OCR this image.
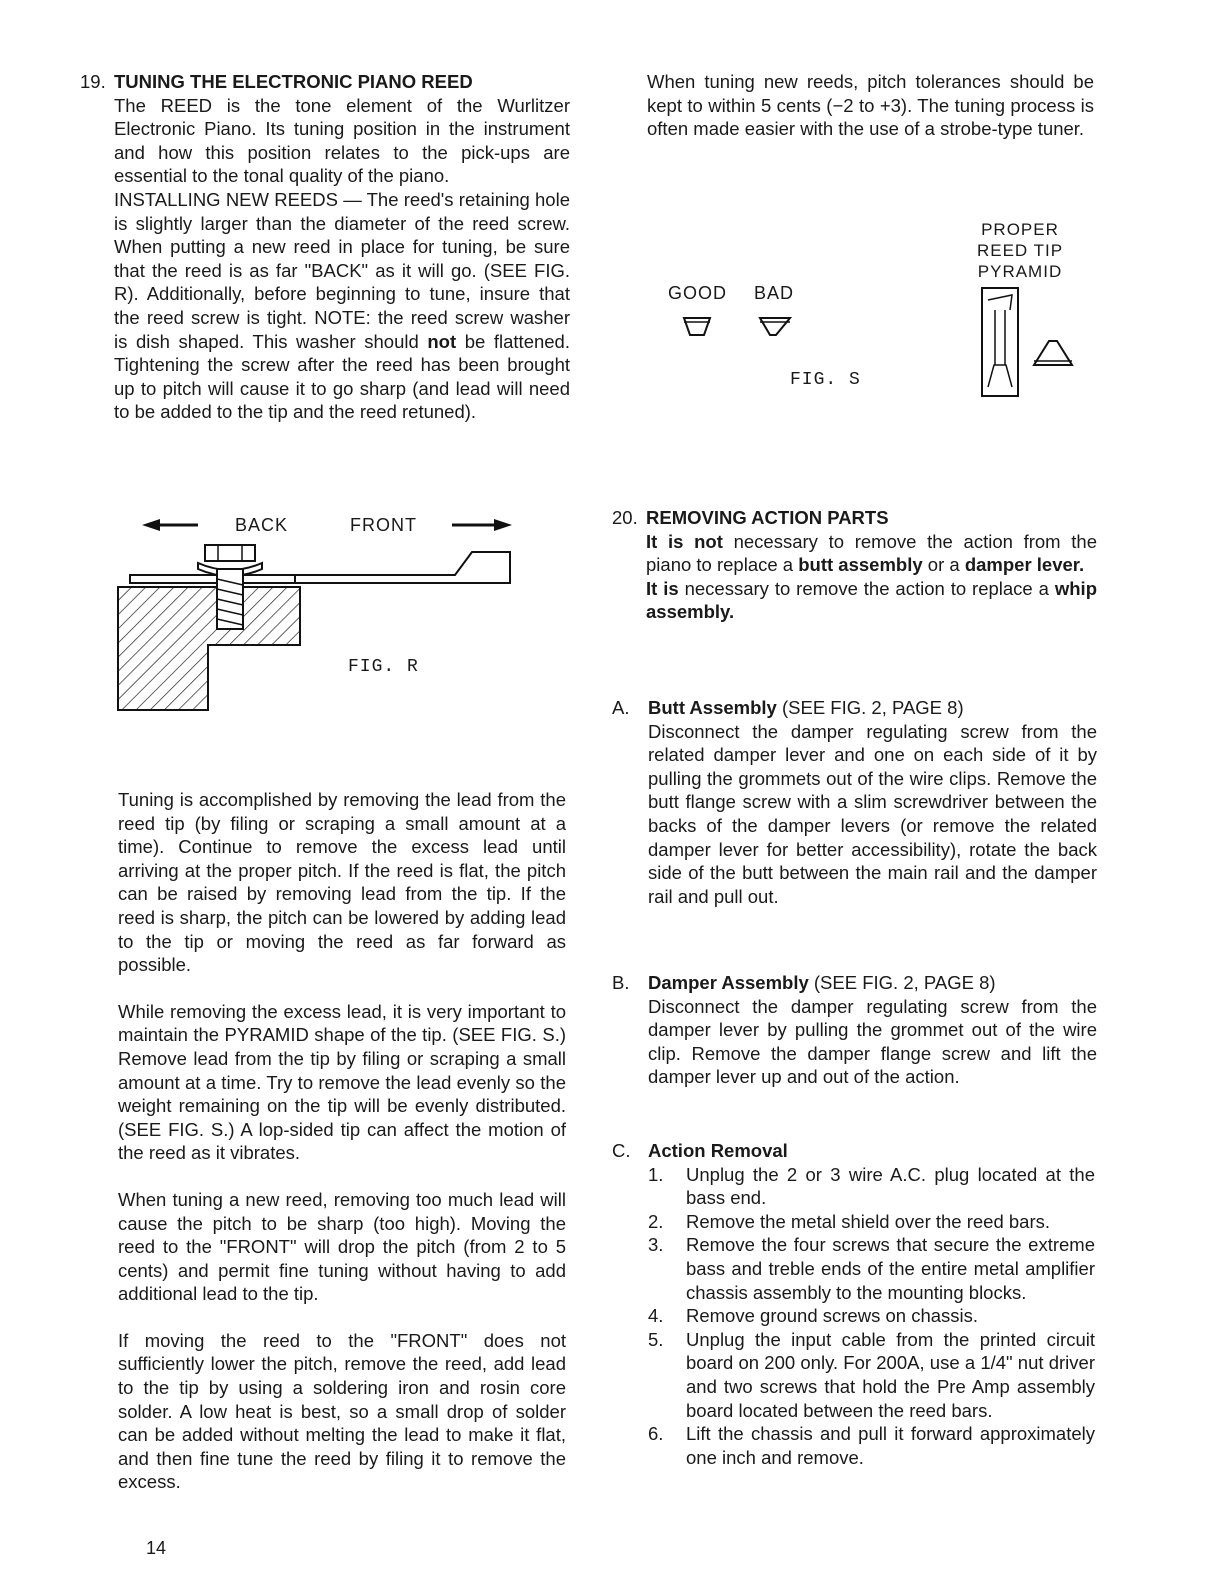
19. TUNING THE ELECTRONIC PIANO REED

The REED is the tone element of the Wurlitzer Electronic Piano. Its tuning position in the instrument and how this position relates to the pick-ups are essential to the tonal quality of the piano.

INSTALLING NEW REEDS — The reed's retaining hole is slightly larger than the diameter of the reed screw. When putting a new reed in place for tuning, be sure that the reed is as far "BACK" as it will go. (SEE FIG. R). Additionally, before beginning to tune, insure that the reed screw is tight. NOTE: the reed screw washer is dish shaped. This washer should not be flattened. Tightening the screw after the reed has been brought up to pitch will cause it to go sharp (and lead will need to be added to the tip and the reed retuned).

BACK	FRONT
FIG. R

Tuning is accomplished by removing the lead from the reed tip (by filing or scraping a small amount at a time). Continue to remove the excess lead until arriving at the proper pitch. If the reed is flat, the pitch can be raised by removing lead from the tip. If the reed is sharp, the pitch can be lowered by adding lead to the tip or moving the reed as far forward as possible.

While removing the excess lead, it is very important to maintain the PYRAMID shape of the tip. (SEE FIG. S.) Remove lead from the tip by filing or scraping a small amount at a time. Try to remove the lead evenly so the weight remaining on the tip will be evenly distributed. (SEE FIG. S.) A lop-sided tip can affect the motion of the reed as it vibrates.

When tuning a new reed, removing too much lead will cause the pitch to be sharp (too high). Moving the reed to the "FRONT" will drop the pitch (from 2 to 5 cents) and permit fine tuning without having to add additional lead to the tip.

If moving the reed to the "FRONT" does not sufficiently lower the pitch, remove the reed, add lead to the tip by using a soldering iron and rosin core solder. A low heat is best, so a small drop of solder can be added without melting the lead to make it flat, and then fine tune the reed by filing it to remove the excess.

When tuning new reeds, pitch tolerances should be kept to within 5 cents (−2 to +3). The tuning process is often made easier with the use of a strobe-type tuner.

GOOD BAD
FIG. S
PROPER
REED TIP
PYRAMID
20. REMOVING ACTION PARTS

It is not necessary to remove the action from the piano to replace a butt assembly or a damper lever.

It is necessary to remove the action to replace a whip assembly.

A.	Butt Assembly (SEE FIG. 2, PAGE 8)

Disconnect the damper regulating screw from the related damper lever and one on each side of it by pulling the grommets out of the wire clips. Remove the butt flange screw with a slim screwdriver between the backs of the damper levers (or remove the related damper lever for better accessibility), rotate the back side of the butt between the main rail and the damper rail and pull out.

B.	Damper Assembly (SEE FIG. 2, PAGE 8)

Disconnect the damper regulating screw from the damper lever by pulling the grommet out of the wire clip. Remove the damper flange screw and lift the damper lever up and out of the action.

C. Action Removal

1.	Unplug the 2 or 3 wire A.C. plug located at the bass end.
2.	Remove the metal shield over the reed bars.
3.	Remove the four screws that secure the extreme bass and treble ends of the entire metal amplifier chassis assembly to the mounting blocks.
4.	Remove ground screws on chassis.
5.	Unplug the input cable from the printed circuit board on 200 only. For 200A, use a 1/4" nut driver and two screws that hold the Pre Amp assembly board located between the reed bars.
6.	Lift the chassis and pull it forward approximately one inch and remove.
14
